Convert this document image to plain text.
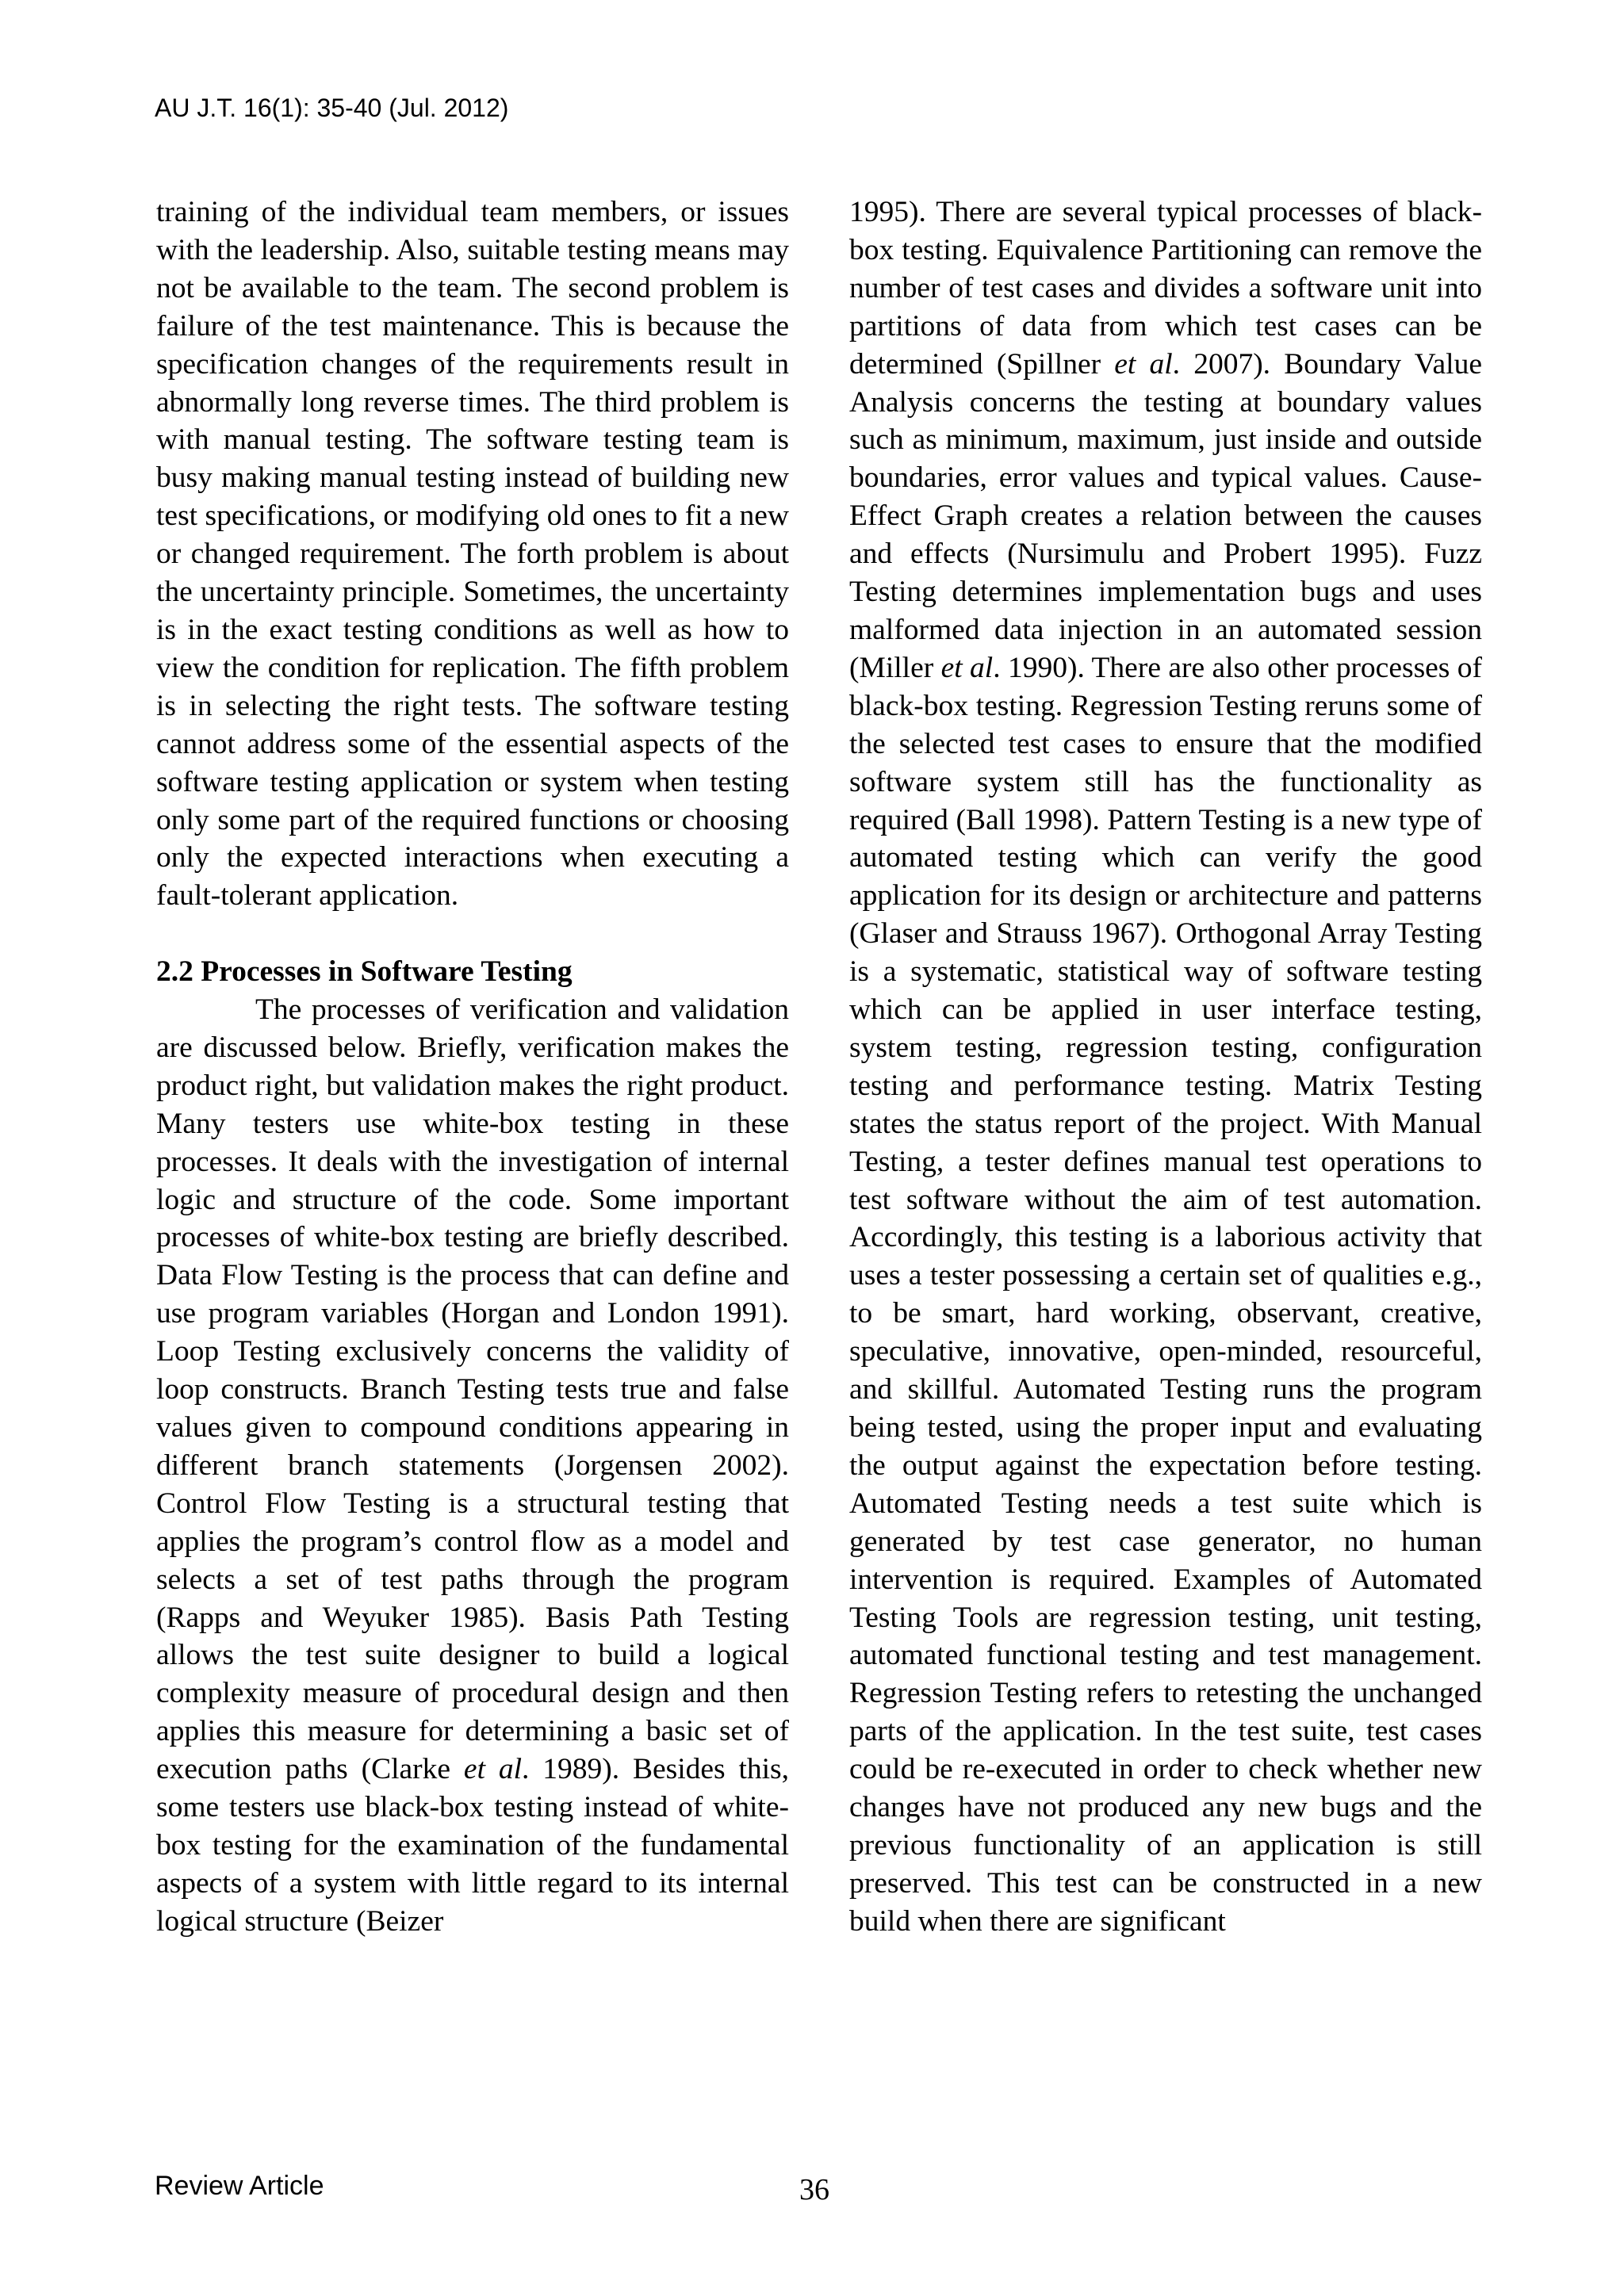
AU J.T. 16(1): 35-40 (Jul. 2012)

training of the individual team members, or issues with the leadership. Also, suitable testing means may not be available to the team. The second problem is failure of the test maintenance. This is because the specification changes of the requirements result in abnormally long reverse times. The third problem is with manual testing. The software testing team is busy making manual testing instead of building new test specifications, or modifying old ones to fit a new or changed requirement. The forth problem is about the uncertainty principle. Sometimes, the uncertainty is in the exact testing conditions as well as how to view the condition for replication. The fifth problem is in selecting the right tests. The software testing cannot address some of the essential aspects of the software testing application or system when testing only some part of the required functions or choosing only the expected interactions when executing a fault-tolerant application.

2.2 Processes in Software Testing

The processes of verification and validation are discussed below. Briefly, verification makes the product right, but validation makes the right product. Many testers use white-box testing in these processes. It deals with the investigation of internal logic and structure of the code. Some important processes of white-box testing are briefly described. Data Flow Testing is the process that can define and use program variables (Horgan and London 1991). Loop Testing exclusively concerns the validity of loop constructs. Branch Testing tests true and false values given to compound conditions appearing in different branch statements (Jorgensen 2002). Control Flow Testing is a structural testing that applies the program’s control flow as a model and selects a set of test paths through the program (Rapps and Weyuker 1985). Basis Path Testing allows the test suite designer to build a logical complexity measure of procedural design and then applies this measure for determining a basic set of execution paths (Clarke et al. 1989). Besides this, some testers use black-box testing instead of white-box testing for the examination of the fundamental aspects of a system with little regard to its internal logical structure (Beizer

1995). There are several typical processes of black-box testing. Equivalence Partitioning can remove the number of test cases and divides a software unit into partitions of data from which test cases can be determined (Spillner et al. 2007). Boundary Value Analysis concerns the testing at boundary values such as minimum, maximum, just inside and outside boundaries, error values and typical values. Cause-Effect Graph creates a relation between the causes and effects (Nursimulu and Probert 1995). Fuzz Testing determines implementation bugs and uses malformed data injection in an automated session (Miller et al. 1990). There are also other processes of black-box testing. Regression Testing reruns some of the selected test cases to ensure that the modified software system still has the functionality as required (Ball 1998). Pattern Testing is a new type of automated testing which can verify the good application for its design or architecture and patterns (Glaser and Strauss 1967). Orthogonal Array Testing is a systematic, statistical way of software testing which can be applied in user interface testing, system testing, regression testing, configuration testing and performance testing. Matrix Testing states the status report of the project. With Manual Testing, a tester defines manual test operations to test software without the aim of test automation. Accordingly, this testing is a laborious activity that uses a tester possessing a certain set of qualities e.g., to be smart, hard working, observant, creative, speculative, innovative, open-minded, resourceful, and skillful. Automated Testing runs the program being tested, using the proper input and evaluating the output against the expectation before testing. Automated Testing needs a test suite which is generated by test case generator, no human intervention is required. Examples of Automated Testing Tools are regression testing, unit testing, automated functional testing and test management. Regression Testing refers to retesting the unchanged parts of the application. In the test suite, test cases could be re-executed in order to check whether new changes have not produced any new bugs and the previous functionality of an application is still preserved. This test can be constructed in a new build when there are significant

Review Article	36
